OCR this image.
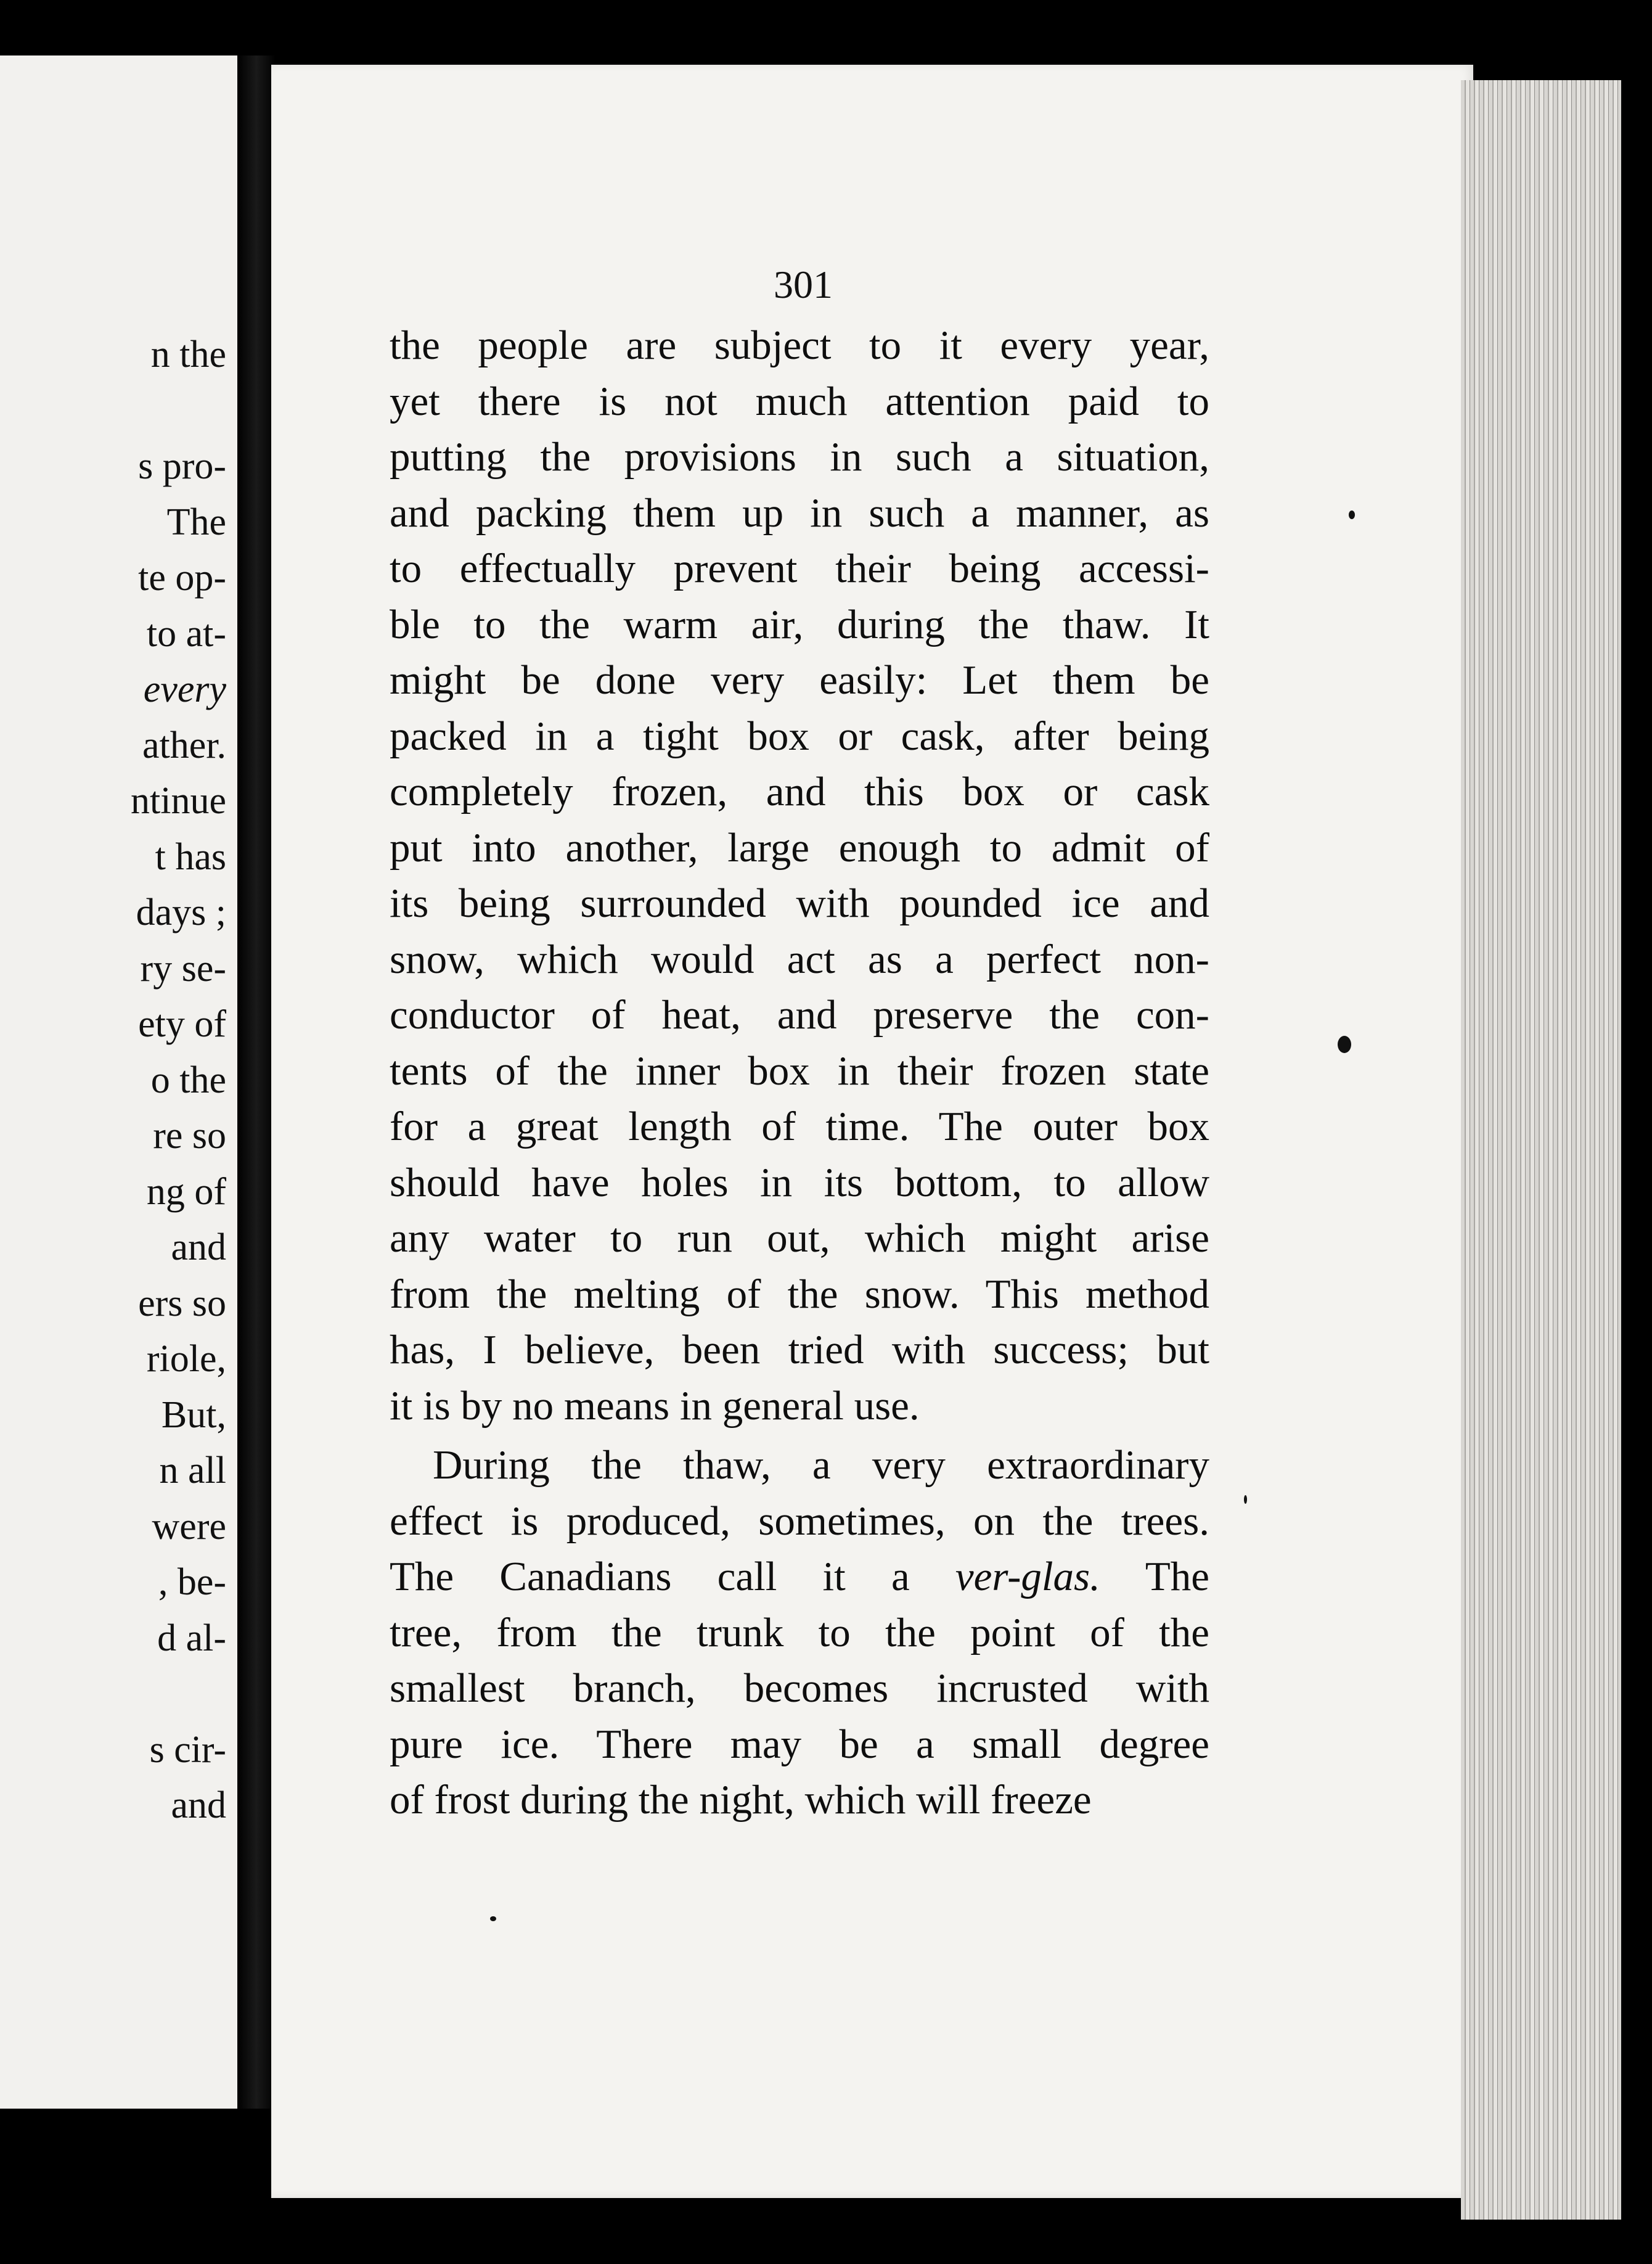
n the

s pro-
The
te op-
to at-
every
ather.
ntinue
t has
days ;
ry se-
ety of
o the
re so
ng of
and
ers so
riole,
But,
n all
were
, be-
d al-

s cir-
and
301
the people are subject to it every year,
yet there is not much attention paid to
putting the provisions in such a situation,
and packing them up in such a manner, as
to effectually prevent their being accessi-
ble to the warm air, during the thaw. It
might be done very easily: Let them be
packed in a tight box or cask, after being
completely frozen, and this box or cask
put into another, large enough to admit of
its being surrounded with pounded ice and
snow, which would act as a perfect non-
conductor of heat, and preserve the con-
tents of the inner box in their frozen state
for a great length of time. The outer box
should have holes in its bottom, to allow
any water to run out, which might arise
from the melting of the snow. This method
has, I believe, been tried with success; but
it is by no means in general use.
During the thaw, a very extraordinary
effect is produced, sometimes, on the trees.
The Canadians call it a ver-glas. The
tree, from the trunk to the point of the
smallest branch, becomes incrusted with
pure ice. There may be a small degree
of frost during the night, which will freeze
